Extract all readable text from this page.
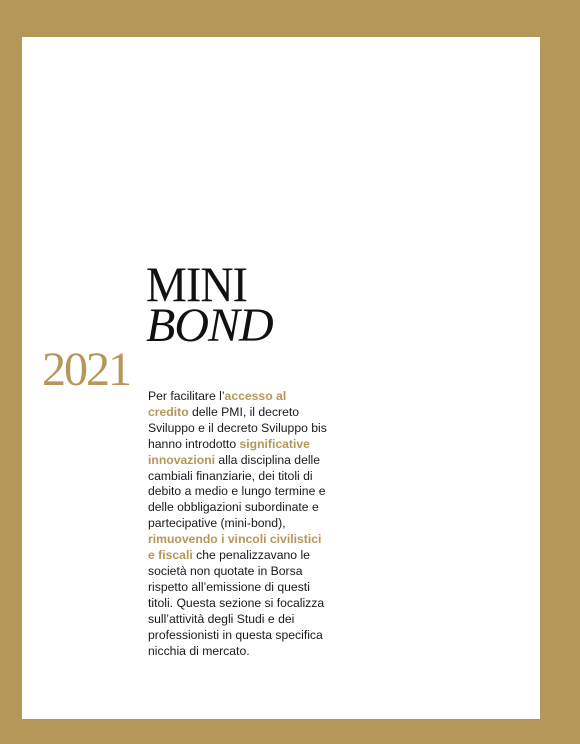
MINI
BOND
2021 Per facilitare l’accesso al credito delle PMI, il decreto Sviluppo e il decreto Sviluppo bis hanno introdotto significative innovazioni alla disciplina delle cambiali finanziarie, dei titoli di debito a medio e lungo termine e delle obbligazioni subordinate e partecipative (mini-bond), rimuovendo i vincoli civilistici e fiscali che penalizzavano le società non quotate in Borsa rispetto all’emissione di questi titoli. Questa sezione si focalizza sull’attività degli Studi e dei professionisti in questa specifica nicchia di mercato.
